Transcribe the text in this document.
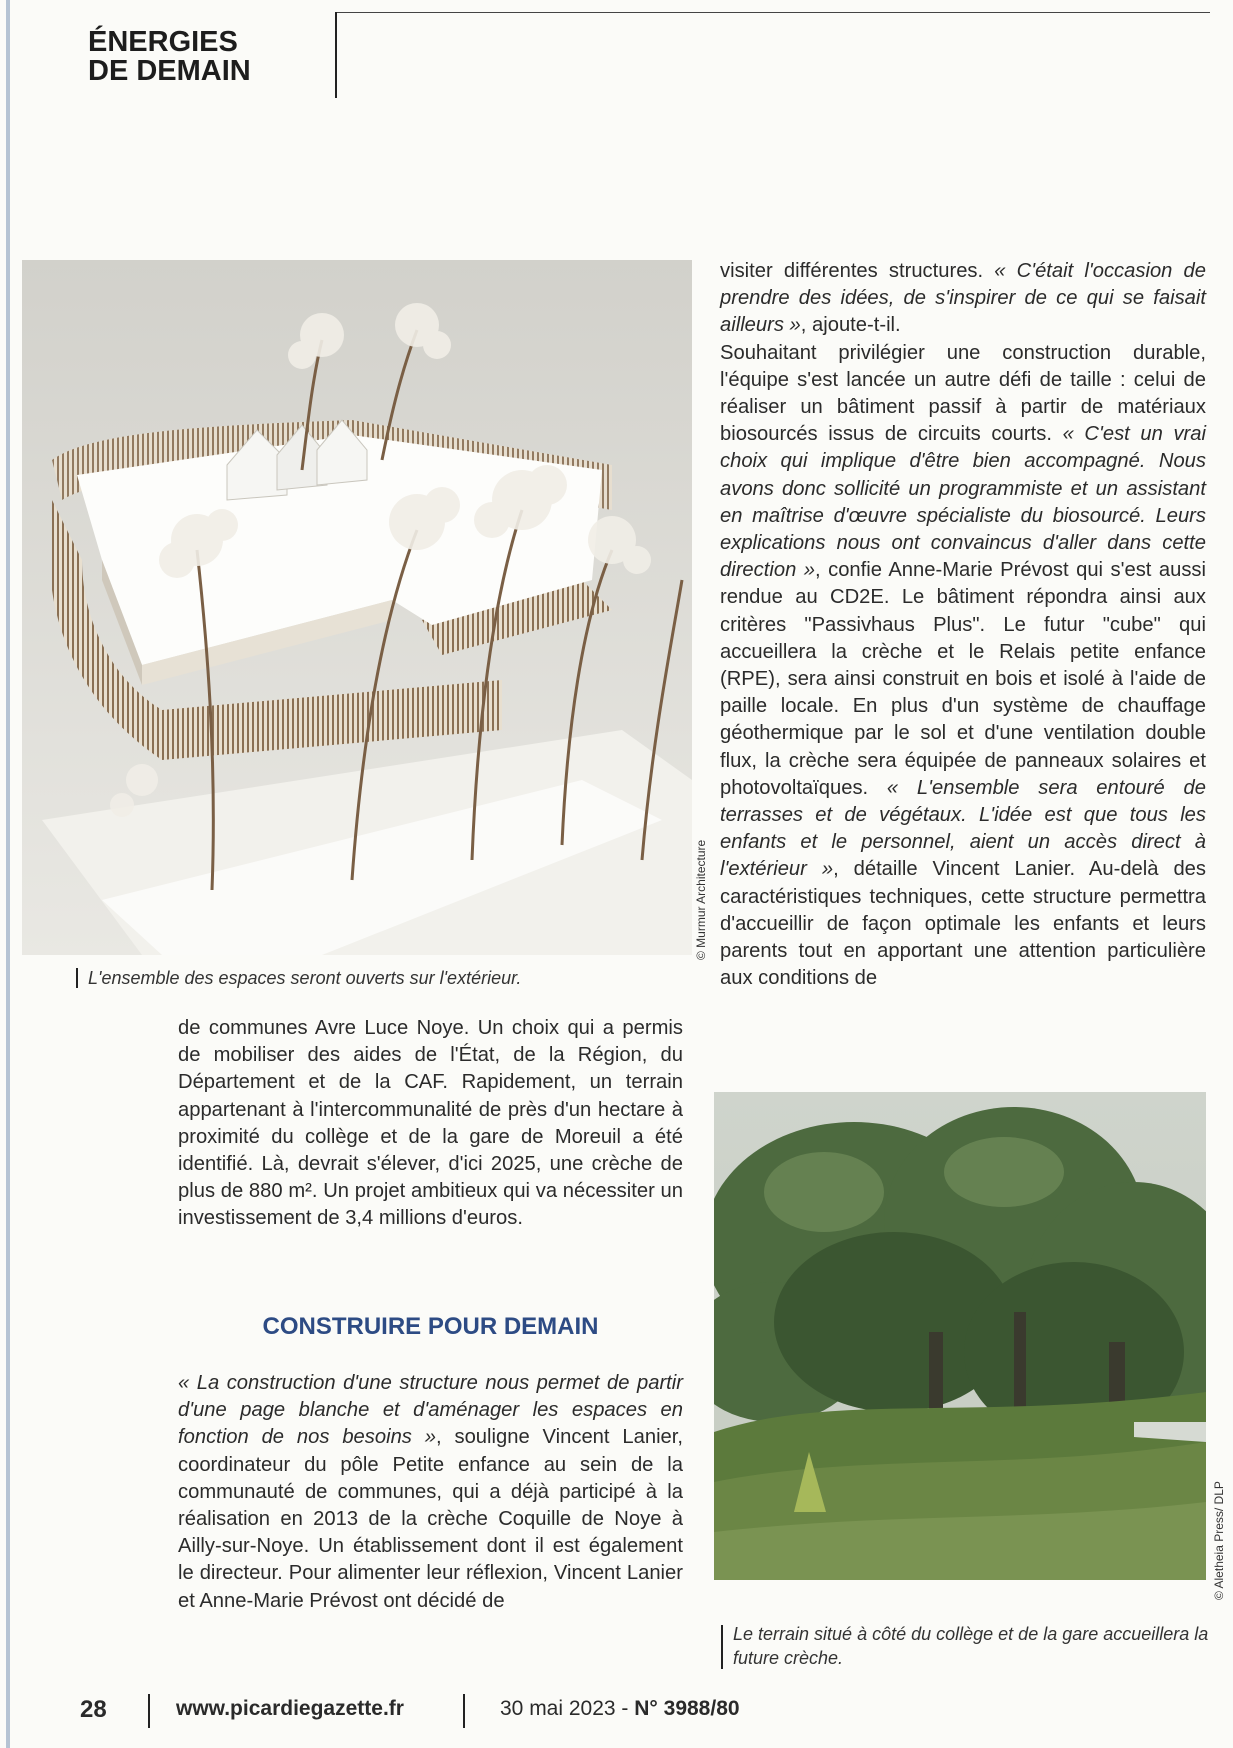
ÉNERGIES
DE DEMAIN
© Murmur Architecture
L'ensemble des espaces seront ouverts sur l'extérieur.

visiter différentes structures. « C'était l'occasion de prendre des idées, de s'inspirer de ce qui se faisait ailleurs », ajoute-t-il.

Souhaitant privilégier une construction durable, l'équipe s'est lancée un autre défi de taille : celui de réaliser un bâtiment passif à partir de matériaux biosourcés issus de circuits courts. « C'est un vrai choix qui implique d'être bien accompagné. Nous avons donc sollicité un programmiste et un assistant en maîtrise d'œuvre spécialiste du biosourcé. Leurs explications nous ont convaincus d'aller dans cette direction », confie Anne-Marie Prévost qui s'est aussi rendue au CD2E. Le bâtiment répondra ainsi aux critères "Passivhaus Plus". Le futur "cube" qui accueillera la crèche et le Relais petite enfance (RPE), sera ainsi construit en bois et isolé à l'aide de paille locale. En plus d'un système de chauffage géothermique par le sol et d'une ventilation double flux, la crèche sera équipée de panneaux solaires et photovoltaïques. « L'ensemble sera entouré de terrasses et de végétaux. L'idée est que tous les enfants et le personnel, aient un accès direct à l'extérieur », détaille Vincent Lanier. Au-delà des caractéristiques techniques, cette structure permettra d'accueillir de façon optimale les enfants et leurs parents tout en apportant une attention particulière aux conditions de

de communes Avre Luce Noye. Un choix qui a permis de mobiliser des aides de l'État, de la Région, du Département et de la CAF. Rapidement, un terrain appartenant à l'intercommunalité de près d'un hectare à proximité du collège et de la gare de Moreuil a été identifié. Là, devrait s'élever, d'ici 2025, une crèche de plus de 880 m². Un projet ambitieux qui va nécessiter un investissement de 3,4 millions d'euros.

CONSTRUIRE POUR DEMAIN

« La construction d'une structure nous permet de partir d'une page blanche et d'aménager les espaces en fonction de nos besoins », souligne Vincent Lanier, coordinateur du pôle Petite enfance au sein de la communauté de communes, qui a déjà participé à la réalisation en 2013 de la crèche Coquille de Noye à Ailly-sur-Noye. Un établissement dont il est également le directeur. Pour alimenter leur réflexion, Vincent Lanier et Anne-Marie Prévost ont décidé de

© Aletheia Press/ DLP
Le terrain situé à côté du collège et de la gare accueillera la future crèche.
28	www.picardiegazette.fr	30 mai 2023 - N° 3988/80
